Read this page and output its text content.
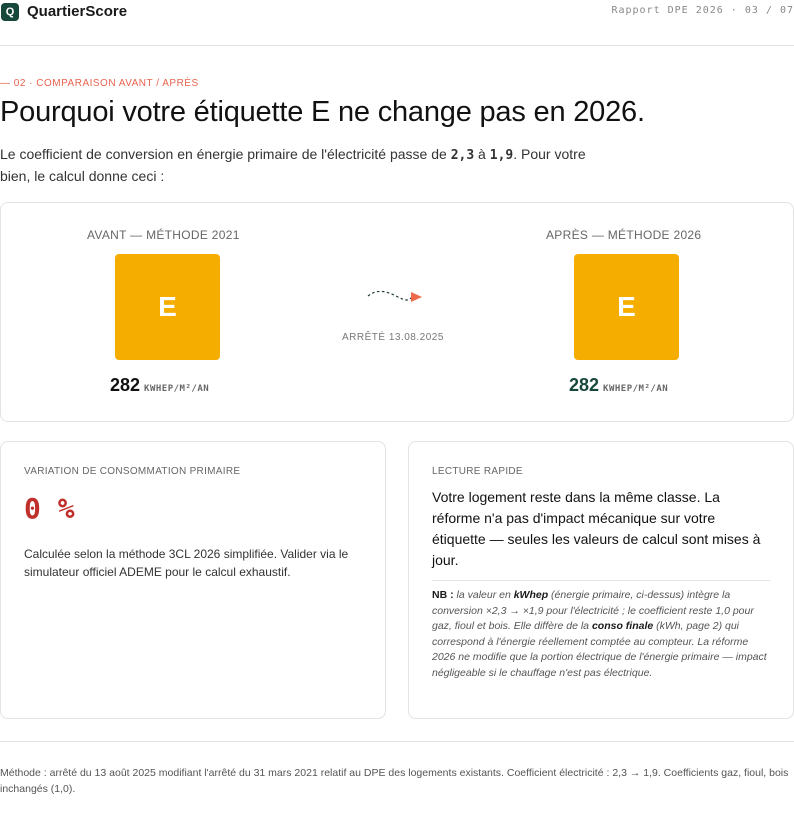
Q QuartierScore	Rapport DPE 2026 · 03 / 07
— 02 · COMPARAISON AVANT / APRÈS
Pourquoi votre étiquette E ne change pas en 2026.

Le coefficient de conversion en énergie primaire de l'électricité passe de 2,3 à 1,9. Pour votre bien, le calcul donne ceci :

AVANT — MÉTHODE 2021
E
282 KWHEP/M²/AN
ARRÊTÉ 13.08.2025
APRÈS — MÉTHODE 2026
E
282 KWHEP/M²/AN
VARIATION DE CONSOMMATION PRIMAIRE
0 %

Calculée selon la méthode 3CL 2026 simplifiée. Valider via le simulateur officiel ADEME pour le calcul exhaustif.

LECTURE RAPIDE

Votre logement reste dans la même classe. La réforme n'a pas d'impact mécanique sur votre étiquette — seules les valeurs de calcul sont mises à jour.

NB : la valeur en kWhep (énergie primaire, ci-dessus) intègre la conversion ×2,3 → ×1,9 pour l'électricité ; le coefficient reste 1,0 pour gaz, fioul et bois. Elle diffère de la conso finale (kWh, page 2) qui correspond à l'énergie réellement comptée au compteur. La réforme 2026 ne modifie que la portion électrique de l'énergie primaire — impact négligeable si le chauffage n'est pas électrique.

Méthode : arrêté du 13 août 2025 modifiant l'arrêté du 31 mars 2021 relatif au DPE des logements existants. Coefficient électricité : 2,3 → 1,9. Coefficients gaz, fioul, bois inchangés (1,0).
